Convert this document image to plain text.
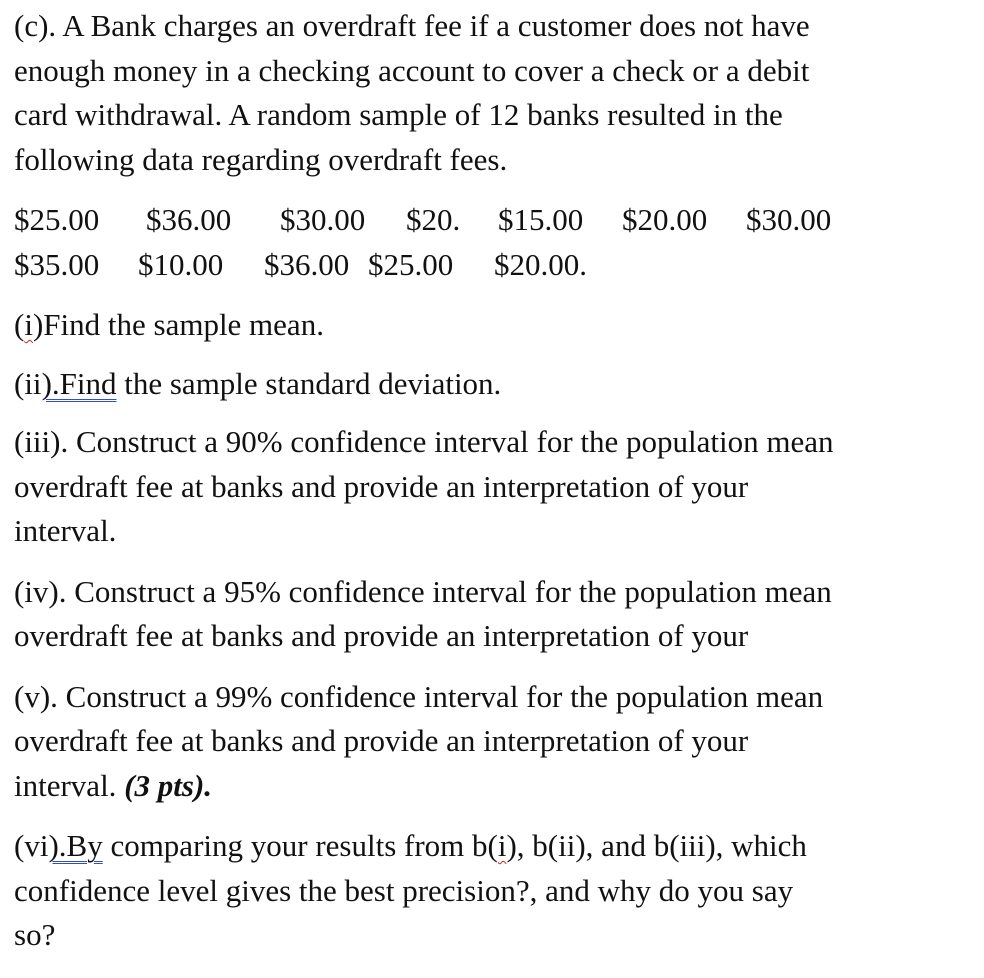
(c). A Bank charges an overdraft fee if a customer does not have
enough money in a checking account to cover a check or a debit
card withdrawal. A random sample of 12 banks resulted in the
following data regarding overdraft fees.

$25.00 $36.00 $30.00 $20. $15.00 $20.00 $30.00
$35.00 $10.00 $36.00 $25.00 $20.00.

(i)Find the sample mean.

(ii).Find the sample standard deviation.

(iii). Construct a 90% confidence interval for the population mean
overdraft fee at banks and provide an interpretation of your
interval.

(iv). Construct a 95% confidence interval for the population mean
overdraft fee at banks and provide an interpretation of your

(v). Construct a 99% confidence interval for the population mean
overdraft fee at banks and provide an interpretation of your
interval. (3 pts).

(vi).By comparing your results from b(i), b(ii), and b(iii), which
confidence level gives the best precision?, and why do you say
so?
